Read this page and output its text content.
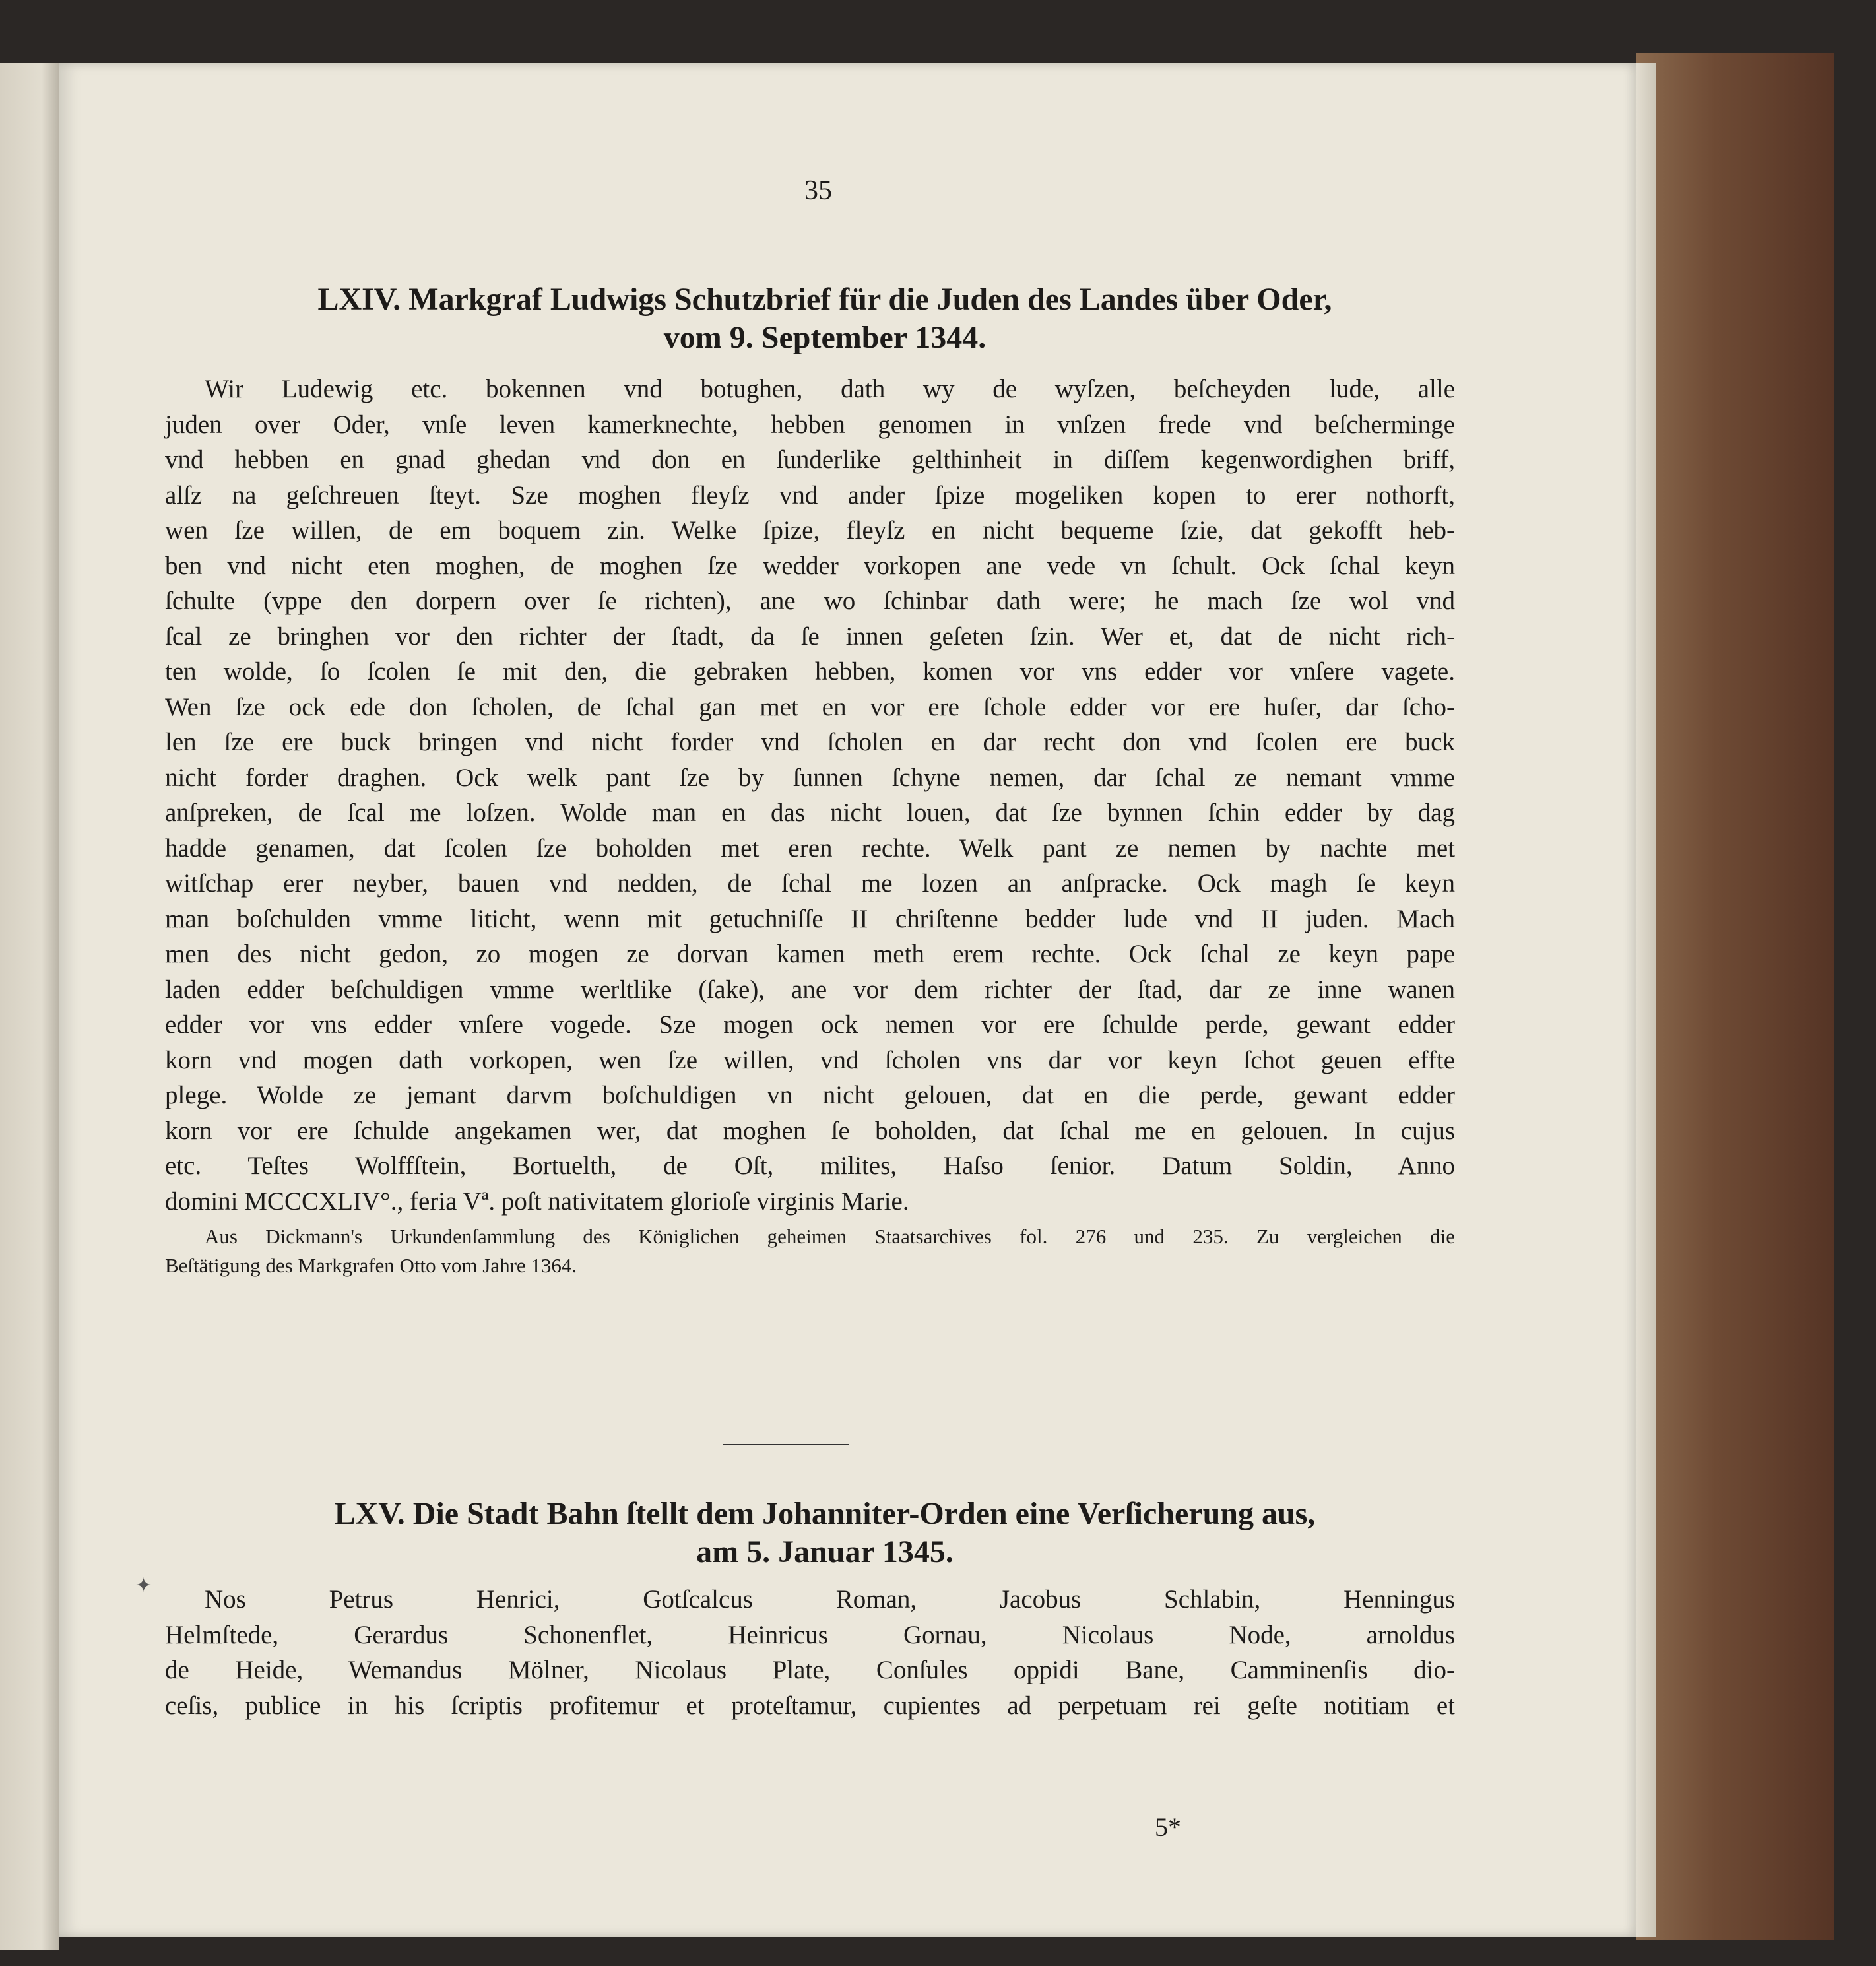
35
LXIV. Markgraf Ludwigs Schutzbrief für die Juden des Landes über Oder,
vom 9. September 1344.
Wir Ludewig etc. bokennen vnd botughen, dath wy de wyſzen, beſcheyden lude, alle
juden over Oder, vnſe leven kamerknechte, hebben genomen in vnſzen frede vnd beſcherminge
vnd hebben en gnad ghedan vnd don en ſunderlike gelthinheit in diſſem kegenwordighen briff,
alſz na geſchreuen ſteyt. Sze moghen fleyſz vnd ander ſpize mogeliken kopen to erer nothorft,
wen ſze willen, de em boquem zin. Welke ſpize, fleyſz en nicht bequeme ſzie, dat gekofft heb-
ben vnd nicht eten moghen, de moghen ſze wedder vorkopen ane vede vn ſchult. Ock ſchal keyn
ſchulte (vppe den dorpern over ſe richten), ane wo ſchinbar dath were; he mach ſze wol vnd
ſcal ze bringhen vor den richter der ſtadt, da ſe innen geſeten ſzin. Wer et, dat de nicht rich-
ten wolde, ſo ſcolen ſe mit den, die gebraken hebben, komen vor vns edder vor vnſere vagete.
Wen ſze ock ede don ſcholen, de ſchal gan met en vor ere ſchole edder vor ere huſer, dar ſcho-
len ſze ere buck bringen vnd nicht forder vnd ſcholen en dar recht don vnd ſcolen ere buck
nicht forder draghen. Ock welk pant ſze by ſunnen ſchyne nemen, dar ſchal ze nemant vmme
anſpreken, de ſcal me loſzen. Wolde man en das nicht louen, dat ſze bynnen ſchin edder by dag
hadde genamen, dat ſcolen ſze boholden met eren rechte. Welk pant ze nemen by nachte met
witſchap erer neyber, bauen vnd nedden, de ſchal me lozen an anſpracke. Ock magh ſe keyn
man boſchulden vmme liticht, wenn mit getuchniſſe II chriſtenne bedder lude vnd II juden. Mach
men des nicht gedon, zo mogen ze dorvan kamen meth erem rechte. Ock ſchal ze keyn pape
laden edder beſchuldigen vmme werltlike (ſake), ane vor dem richter der ſtad, dar ze inne wanen
edder vor vns edder vnſere vogede. Sze mogen ock nemen vor ere ſchulde perde, gewant edder
korn vnd mogen dath vorkopen, wen ſze willen, vnd ſcholen vns dar vor keyn ſchot geuen effte
plege. Wolde ze jemant darvm boſchuldigen vn nicht gelouen, dat en die perde, gewant edder
korn vor ere ſchulde angekamen wer, dat moghen ſe boholden, dat ſchal me en gelouen. In cujus
etc. Teſtes Wolffſtein, Bortuelth, de Oſt, milites, Haſso ſenior. Datum Soldin, Anno
domini MCCCXLIV°., feria Vª. poſt nativitatem glorioſe virginis Marie.
Aus Dickmann's Urkundenſammlung des Königlichen geheimen Staatsarchives fol. 276 und 235. Zu vergleichen die
Beſtätigung des Markgrafen Otto vom Jahre 1364.
✦
LXV. Die Stadt Bahn ſtellt dem Johanniter-Orden eine Verſicherung aus,
am 5. Januar 1345.
Nos Petrus Henrici, Gotſcalcus Roman, Jacobus Schlabin, Henningus
Helmſtede, Gerardus Schonenflet, Heinricus Gornau, Nicolaus Node, arnoldus
de Heide, Wemandus Mölner, Nicolaus Plate, Conſules oppidi Bane, Camminenſis dio-
ceſis, publice in his ſcriptis profitemur et proteſtamur, cupientes ad perpetuam rei geſte notitiam et
5*
